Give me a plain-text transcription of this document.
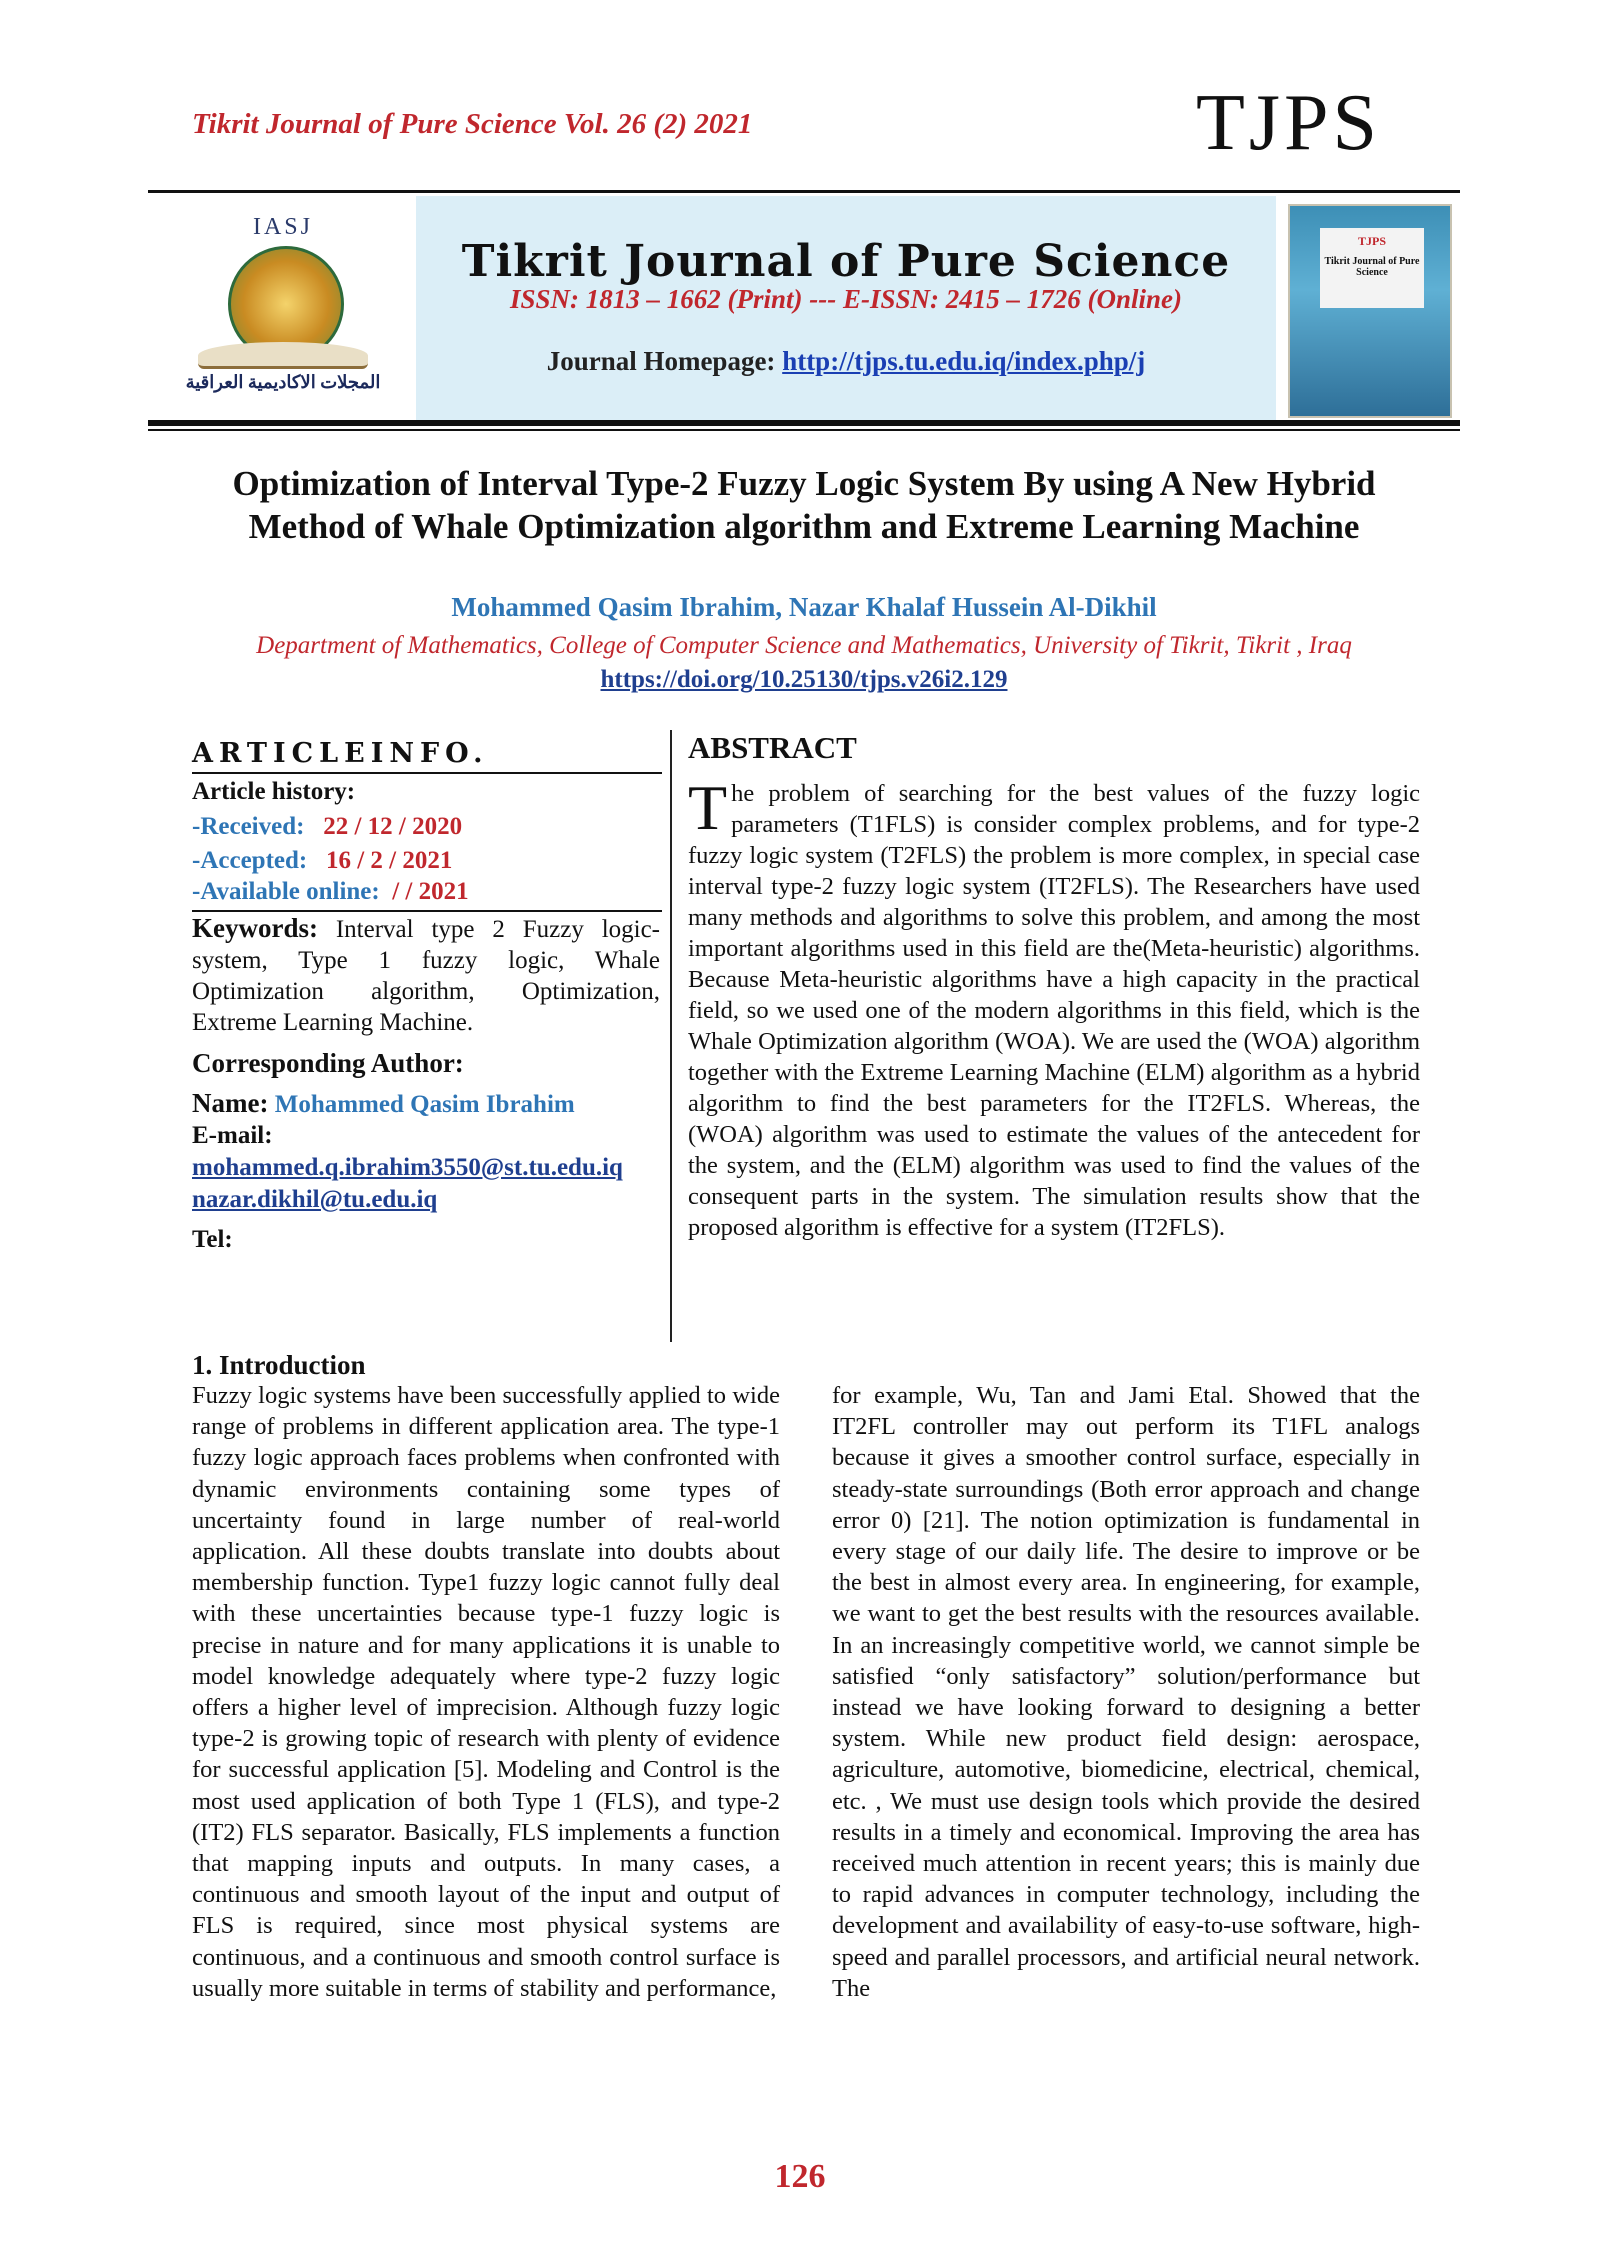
Tikrit Journal of Pure Science Vol. 26 (2) 2021	TJPS
IASJ
المجلات الاكاديمية العراقية
Tikrit Journal of Pure Science
ISSN: 1813 – 1662 (Print) --- E-ISSN: 2415 – 1726 (Online)
Journal Homepage: http://tjps.tu.edu.iq/index.php/j
TJPS
Tikrit Journal of Pure Science
Optimization of Interval Type-2 Fuzzy Logic System By using A New Hybrid Method of Whale Optimization algorithm and Extreme Learning Machine
Mohammed Qasim Ibrahim, Nazar Khalaf Hussein Al-Dikhil
Department of Mathematics, College of Computer Science and Mathematics, University of Tikrit, Tikrit , Iraq
https://doi.org/10.25130/tjps.v26i2.129
ARTICLEINFO.
Article history:
-Received: 22 / 12 / 2020
-Accepted: 16 / 2 / 2021
-Available online: / / 2021
Keywords: Interval type 2 Fuzzy logic-system, Type 1 fuzzy logic, Whale Optimization algorithm, Optimization, Extreme Learning Machine.
Corresponding Author:
Name: Mohammed Qasim Ibrahim
E-mail:
mohammed.q.ibrahim3550@st.tu.edu.iq
nazar.dikhil@tu.edu.iq
Tel:
ABSTRACT
The problem of searching for the best values of the fuzzy logic parameters (T1FLS) is consider complex problems, and for type-2 fuzzy logic system (T2FLS) the problem is more complex, in special case interval type-2 fuzzy logic system (IT2FLS). The Researchers have used many methods and algorithms to solve this problem, and among the most important algorithms used in this field are the(Meta-heuristic) algorithms. Because Meta-heuristic algorithms have a high capacity in the practical field, so we used one of the modern algorithms in this field, which is the Whale Optimization algorithm (WOA). We are used the (WOA) algorithm together with the Extreme Learning Machine (ELM) algorithm as a hybrid algorithm to find the best parameters for the IT2FLS. Whereas, the (WOA) algorithm was used to estimate the values of the antecedent for the system, and the (ELM) algorithm was used to find the values of the consequent parts in the system. The simulation results show that the proposed algorithm is effective for a system (IT2FLS).
1. Introduction
Fuzzy logic systems have been successfully applied to wide range of problems in different application area. The type-1 fuzzy logic approach faces problems when confronted with dynamic environments containing some types of uncertainty found in large number of real-world application. All these doubts translate into doubts about membership function. Type1 fuzzy logic cannot fully deal with these uncertainties because type-1 fuzzy logic is precise in nature and for many applications it is unable to model knowledge adequately where type-2 fuzzy logic offers a higher level of imprecision. Although fuzzy logic type-2 is growing topic of research with plenty of evidence for successful application [5]. Modeling and Control is the most used application of both Type 1 (FLS), and type-2 (IT2) FLS separator. Basically, FLS implements a function that mapping inputs and outputs. In many cases, a continuous and smooth layout of the input and output of FLS is required, since most physical systems are continuous, and a continuous and smooth control surface is usually more suitable in terms of stability and performance,
for example, Wu, Tan and Jami Etal. Showed that the IT2FL controller may out perform its T1FL analogs because it gives a smoother control surface, especially in steady-state surroundings (Both error approach and change error 0) [21]. The notion optimization is fundamental in every stage of our daily life. The desire to improve or be the best in almost every area. In engineering, for example, we want to get the best results with the resources available. In an increasingly competitive world, we cannot simple be satisfied “only satisfactory” solution/performance but instead we have looking forward to designing a better system. While new product field design: aerospace, agriculture, automotive, biomedicine, electrical, chemical, etc. , We must use design tools which provide the desired results in a timely and economical. Improving the area has received much attention in recent years; this is mainly due to rapid advances in computer technology, including the development and availability of easy-to-use software, high-speed and parallel processors, and artificial neural network. The
126
